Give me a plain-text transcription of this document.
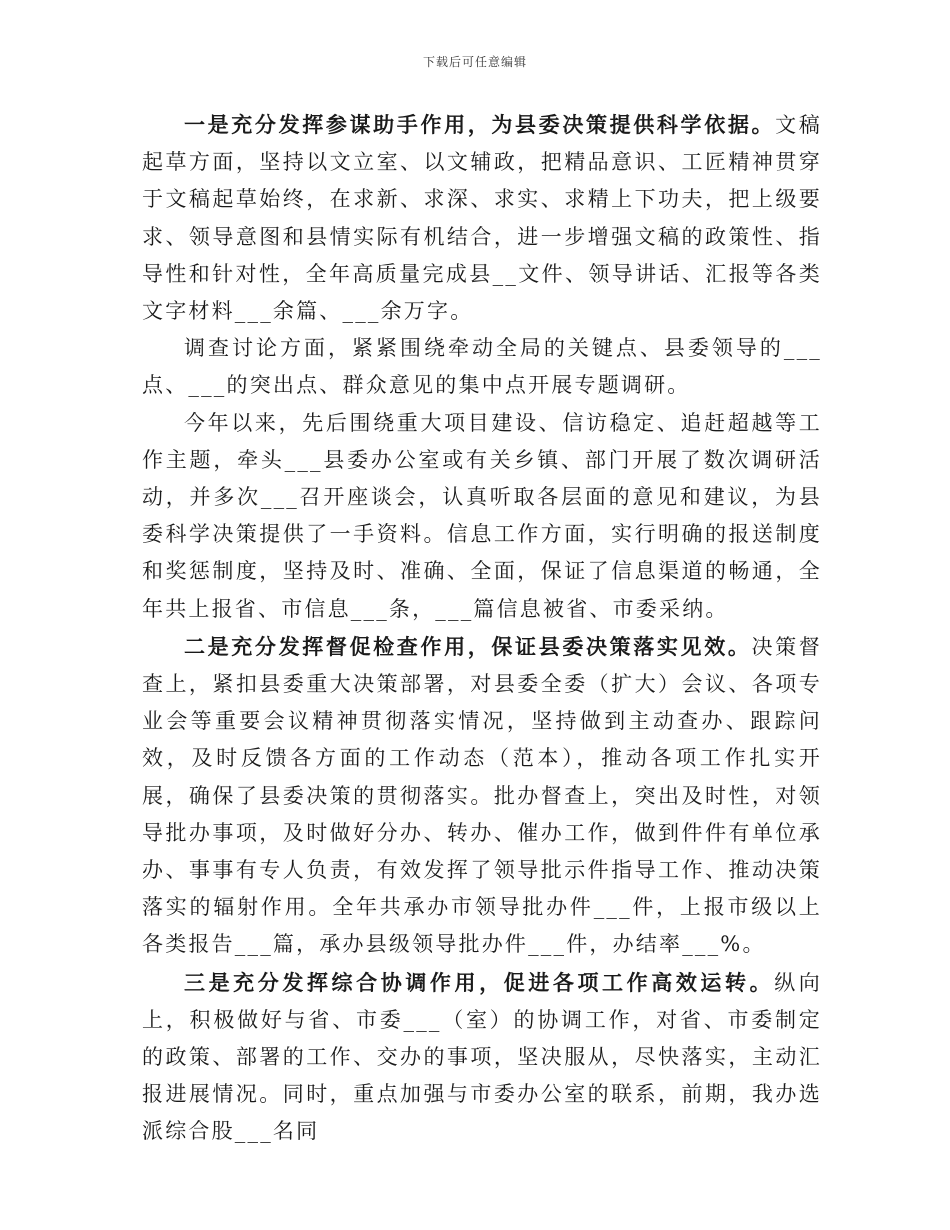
下载后可任意编辑

一是充分发挥参谋助手作用，为县委决策提供科学依据。文稿起草方面，坚持以文立室、以文辅政，把精品意识、工匠精神贯穿于文稿起草始终，在求新、求深、求实、求精上下功夫，把上级要求、领导意图和县情实际有机结合，进一步增强文稿的政策性、指导性和针对性，全年高质量完成县__文件、领导讲话、汇报等各类文字材料___余篇、___余万字。

调查讨论方面，紧紧围绕牵动全局的关键点、县委领导的___点、___的突出点、群众意见的集中点开展专题调研。

今年以来，先后围绕重大项目建设、信访稳定、追赶超越等工作主题，牵头___县委办公室或有关乡镇、部门开展了数次调研活动，并多次___召开座谈会，认真听取各层面的意见和建议，为县委科学决策提供了一手资料。信息工作方面，实行明确的报送制度和奖惩制度，坚持及时、准确、全面，保证了信息渠道的畅通，全年共上报省、市信息___条，___篇信息被省、市委采纳。

二是充分发挥督促检查作用，保证县委决策落实见效。决策督查上，紧扣县委重大决策部署，对县委全委（扩大）会议、各项专业会等重要会议精神贯彻落实情况，坚持做到主动查办、跟踪问效，及时反馈各方面的工作动态（范本），推动各项工作扎实开展，确保了县委决策的贯彻落实。批办督查上，突出及时性，对领导批办事项，及时做好分办、转办、催办工作，做到件件有单位承办、事事有专人负责，有效发挥了领导批示件指导工作、推动决策落实的辐射作用。全年共承办市领导批办件___件，上报市级以上各类报告___篇，承办县级领导批办件___件，办结率___%。

三是充分发挥综合协调作用，促进各项工作高效运转。纵向上，积极做好与省、市委___（室）的协调工作，对省、市委制定的政策、部署的工作、交办的事项，坚决服从，尽快落实，主动汇报进展情况。同时，重点加强与市委办公室的联系，前期，我办选派综合股___名同
